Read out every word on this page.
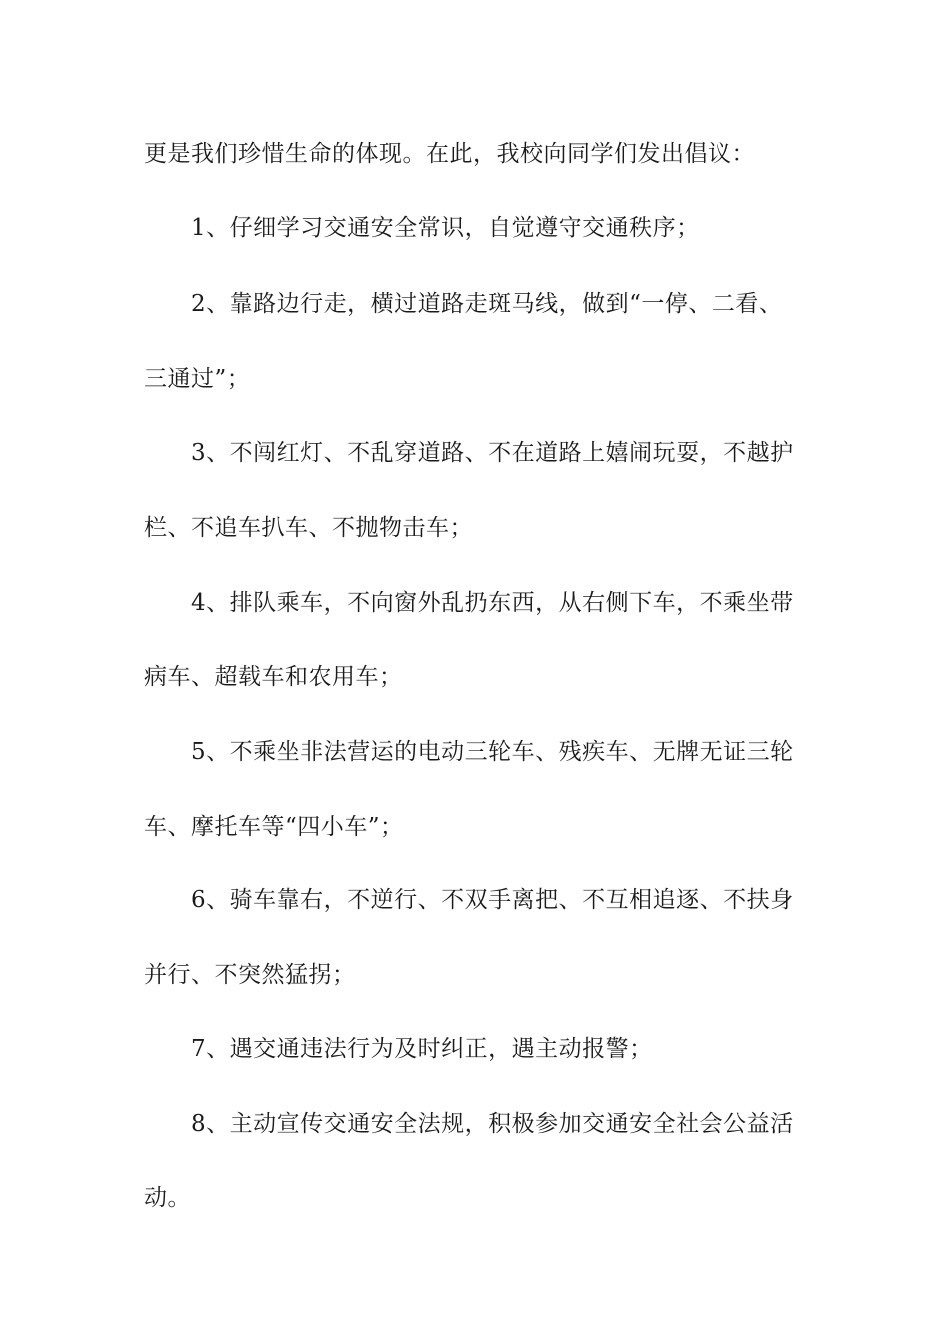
更是我们珍惜生命的体现。在此，我校向同学们发出倡议：
1、仔细学习交通安全常识，自觉遵守交通秩序；
2、靠路边行走，横过道路走斑马线，做到“一停、二看、
三通过”；
3、不闯红灯、不乱穿道路、不在道路上嬉闹玩耍，不越护
栏、不追车扒车、不抛物击车；
4、排队乘车，不向窗外乱扔东西，从右侧下车，不乘坐带
病车、超载车和农用车；
5、不乘坐非法营运的电动三轮车、残疾车、无牌无证三轮
车、摩托车等“四小车”；
6、骑车靠右，不逆行、不双手离把、不互相追逐、不扶身
并行、不突然猛拐；
7、遇交通违法行为及时纠正，遇主动报警；
8、主动宣传交通安全法规，积极参加交通安全社会公益活
动。
